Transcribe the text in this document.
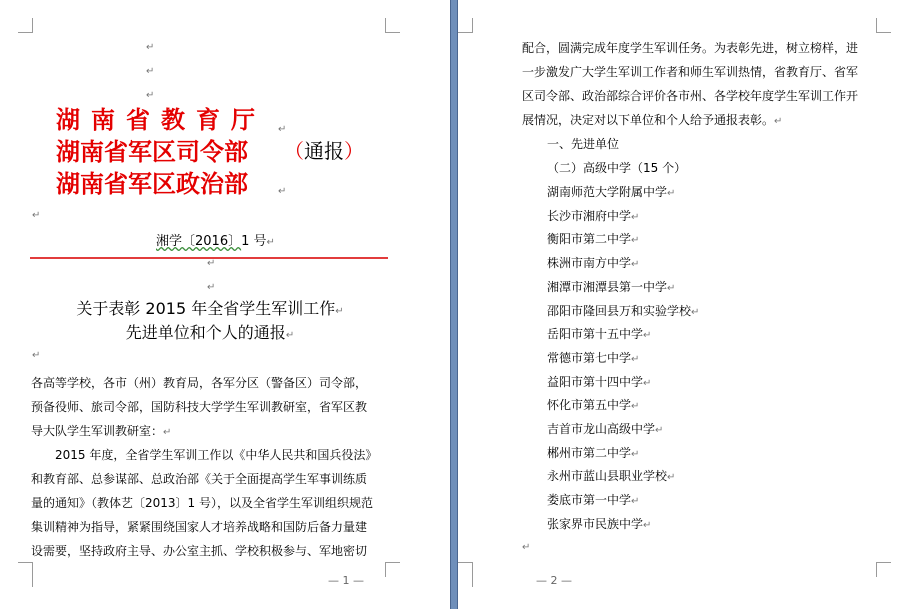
↵
↵
↵
湖南省教育厅
湖南省军区司令部
湖南省军区政治部
（通报）
↵
↵
↵
湘学〔2016〕1 号↵
↵
↵
关于表彰 2015 年全省学生军训工作↵
先进单位和个人的通报↵
↵
各高等学校，各市（州）教育局，各军分区（警备区）司令部，
预备役师、旅司令部，国防科技大学学生军训教研室，省军区教
导大队学生军训教研室：↵
　　2015 年度，全省学生军训工作以《中华人民共和国兵役法》
和教育部、总参谋部、总政治部《关于全面提高学生军事训练质
量的通知》（教体艺〔2013〕1 号），以及全省学生军训组织规范
集训精神为指导，紧紧围绕国家人才培养战略和国防后备力量建
设需要，坚持政府主导、办公室主抓、学校积极参与、军地密切
— 1 —
配合，圆满完成年度学生军训任务。为表彰先进，树立榜样，进
一步激发广大学生军训工作者和师生军训热情，省教育厅、省军
区司令部、政治部综合评价各市州、各学校年度学生军训工作开
展情况，决定对以下单位和个人给予通报表彰。↵
一、先进单位
（二）高级中学（15 个）
湖南师范大学附属中学↵
长沙市湘府中学↵
衡阳市第二中学↵
株洲市南方中学↵
湘潭市湘潭县第一中学↵
邵阳市隆回县万和实验学校↵
岳阳市第十五中学↵
常德市第七中学↵
益阳市第十四中学↵
怀化市第五中学↵
吉首市龙山高级中学↵
郴州市第二中学↵
永州市蓝山县职业学校↵
娄底市第一中学↵
张家界市民族中学↵
↵
— 2 —
